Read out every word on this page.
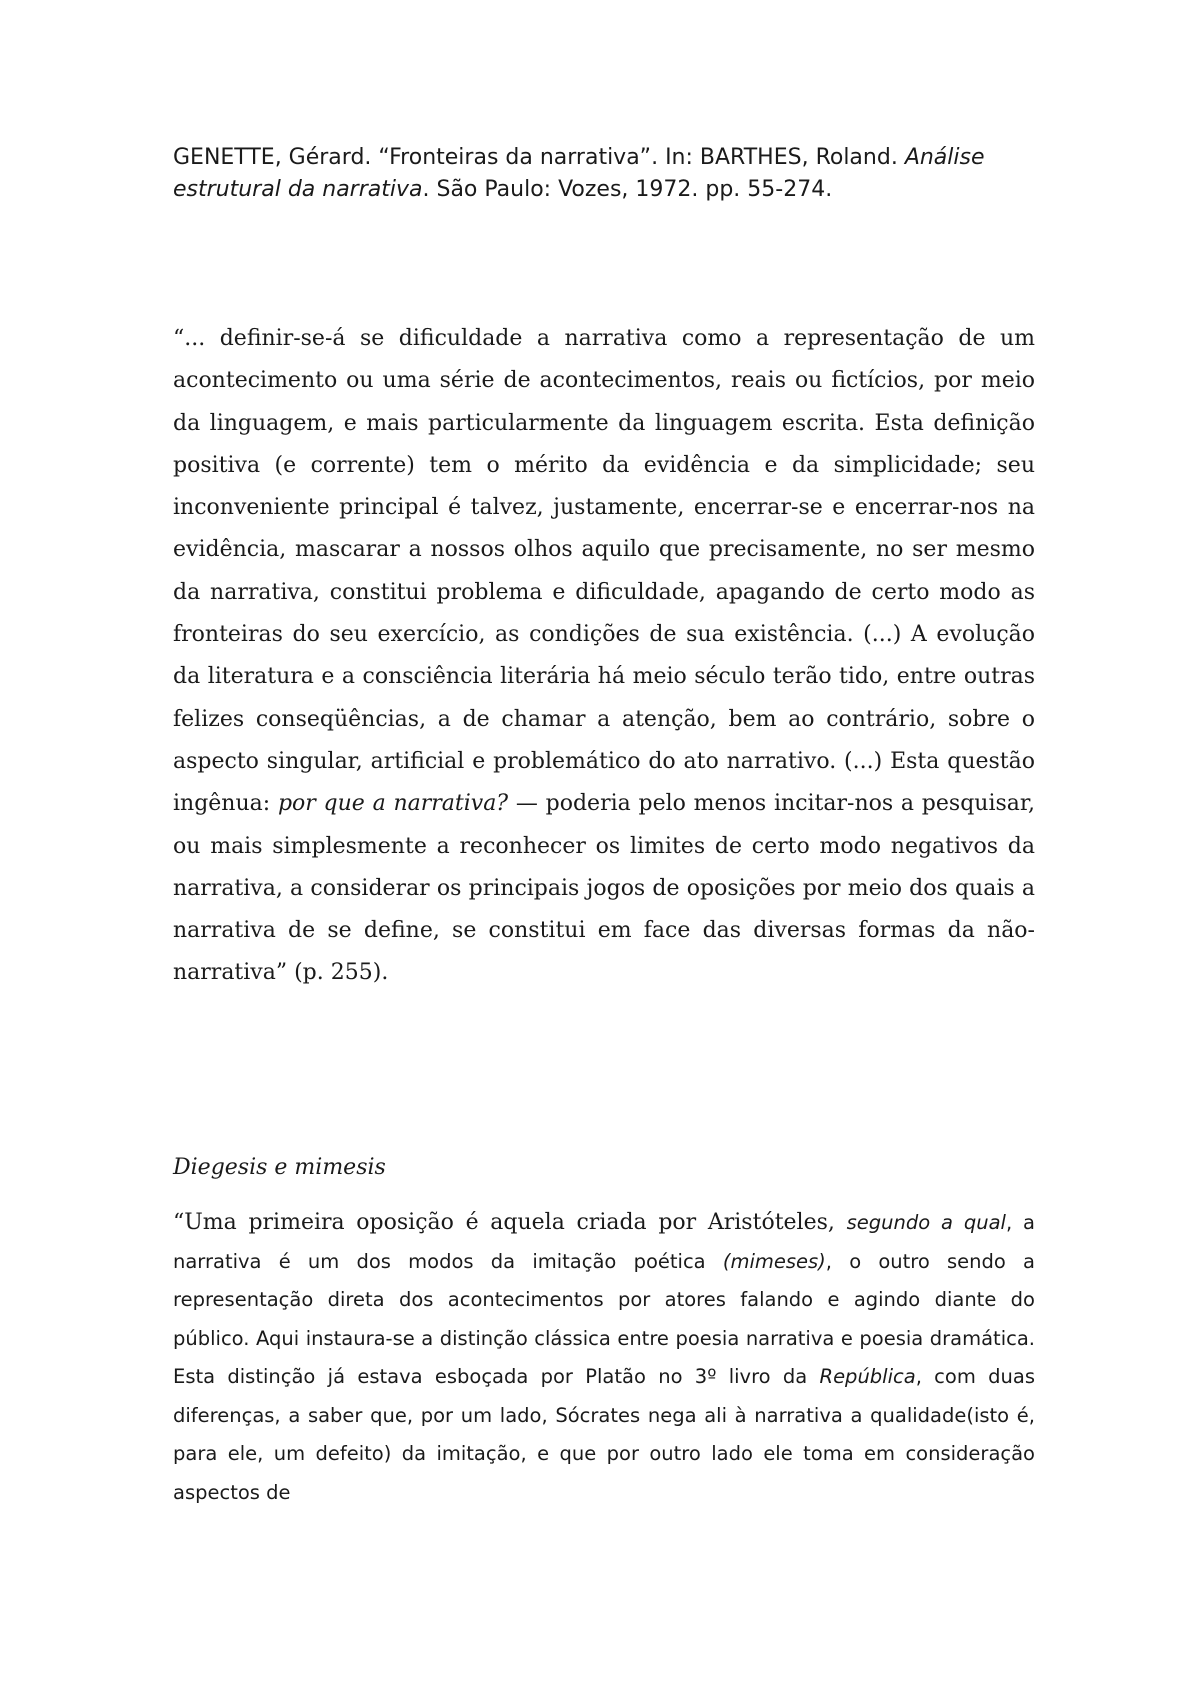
GENETTE, Gérard. “Fronteiras da narrativa”. In: BARTHES, Roland. Análise estrutural da narrativa. São Paulo: Vozes, 1972. pp. 55-274.

“... definir-se-á se dificuldade a narrativa como a representação de um acontecimento ou uma série de acontecimentos, reais ou fictícios, por meio da linguagem, e mais particularmente da linguagem escrita. Esta definição positiva (e corrente) tem o mérito da evidência e da simplicidade; seu inconveniente principal é talvez, justamente, encerrar-se e encerrar-nos na evidência, mascarar a nossos olhos aquilo que precisamente, no ser mesmo da narrativa, constitui problema e dificuldade, apagando de certo modo as fronteiras do seu exercício, as condições de sua existência. (...) A evolução da literatura e a consciência literária há meio século terão tido, entre outras felizes conseqüências, a de chamar a atenção, bem ao contrário, sobre o aspecto singular, artificial e problemático do ato narrativo. (...) Esta questão ingênua: por que a narrativa? — poderia pelo menos incitar-nos a pesquisar, ou mais simplesmente a reconhecer os limites de certo modo negativos da narrativa, a considerar os principais jogos de oposições por meio dos quais a narrativa de se define, se constitui em face das diversas formas da não-narrativa” (p. 255).

Diegesis e mimesis

“Uma primeira oposição é aquela criada por Aristóteles, segundo a qual, a narrativa é um dos modos da imitação poética (mimeses), o outro sendo a representação direta dos acontecimentos por atores falando e agindo diante do público. Aqui instaura-se a distinção clássica entre poesia narrativa e poesia dramática. Esta distinção já estava esboçada por Platão no 3º livro da República, com duas diferenças, a saber que, por um lado, Sócrates nega ali à narrativa a qualidade(isto é, para ele, um defeito) da imitação, e que por outro lado ele toma em consideração aspectos de
